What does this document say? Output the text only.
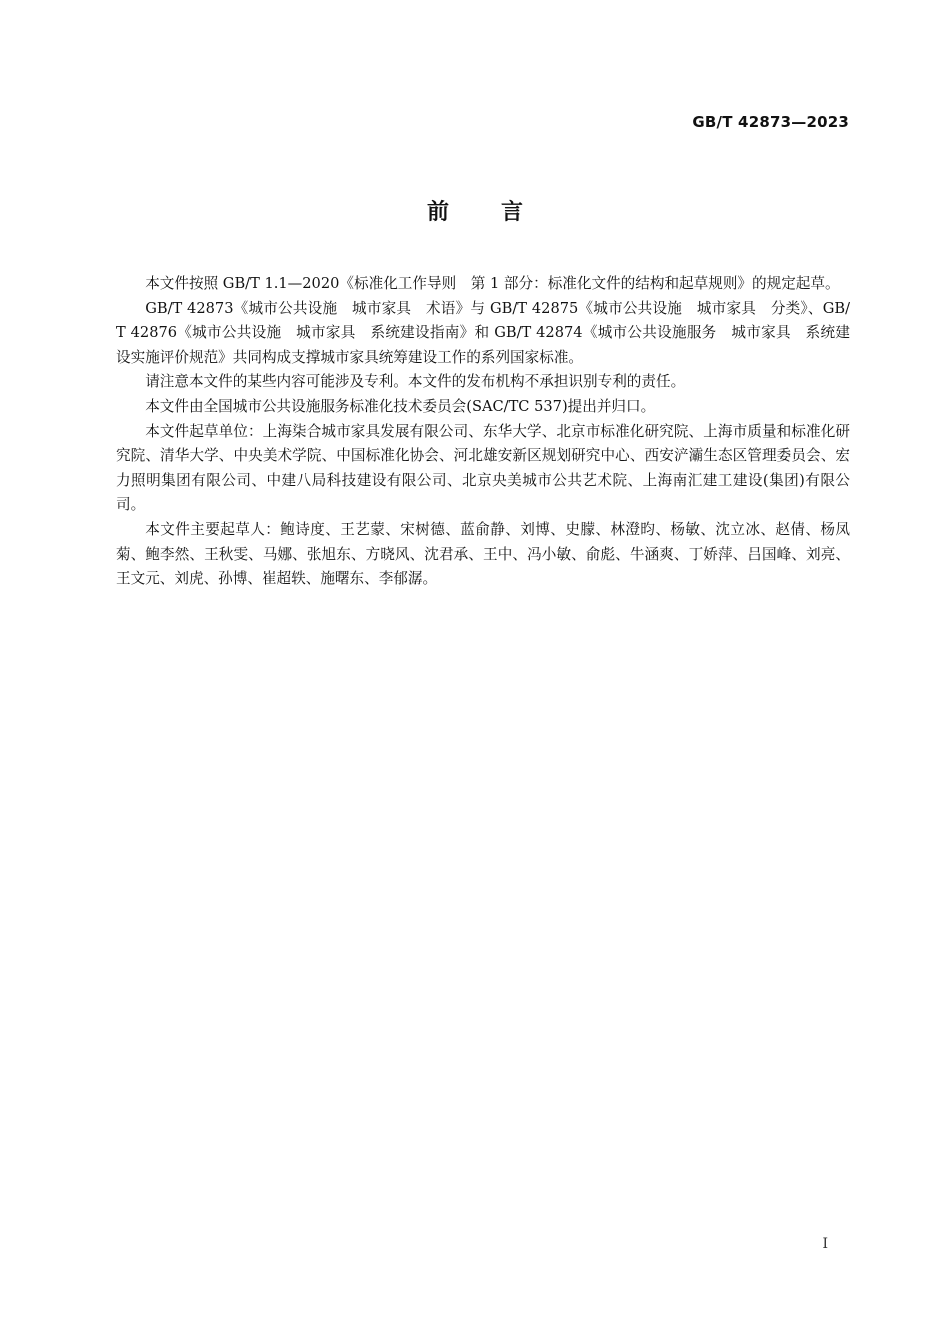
GB/T 42873—2023
前 言

本文件按照 GB/T 1.1—2020《标准化工作导则　第 1 部分：标准化文件的结构和起草规则》的规定起草。

GB/T 42873《城市公共设施　城市家具　术语》与 GB/T 42875《城市公共设施　城市家具　分类》、GB/T 42876《城市公共设施　城市家具　系统建设指南》和 GB/T 42874《城市公共设施服务　城市家具　系统建设实施评价规范》共同构成支撑城市家具统筹建设工作的系列国家标准。

请注意本文件的某些内容可能涉及专利。本文件的发布机构不承担识别专利的责任。

本文件由全国城市公共设施服务标准化技术委员会(SAC/TC 537)提出并归口。

本文件起草单位：上海柒合城市家具发展有限公司、东华大学、北京市标准化研究院、上海市质量和标准化研究院、清华大学、中央美术学院、中国标准化协会、河北雄安新区规划研究中心、西安浐灞生态区管理委员会、宏力照明集团有限公司、中建八局科技建设有限公司、北京央美城市公共艺术院、上海南汇建工建设(集团)有限公司。

本文件主要起草人：鲍诗度、王艺蒙、宋树德、蓝俞静、刘博、史朦、林澄昀、杨敏、沈立冰、赵倩、杨凤菊、鲍李然、王秋雯、马娜、张旭东、方晓风、沈君承、王中、冯小敏、俞彪、牛涵爽、丁娇萍、吕国峰、刘亮、王文元、刘虎、孙博、崔超轶、施曙东、李郁潺。

I
